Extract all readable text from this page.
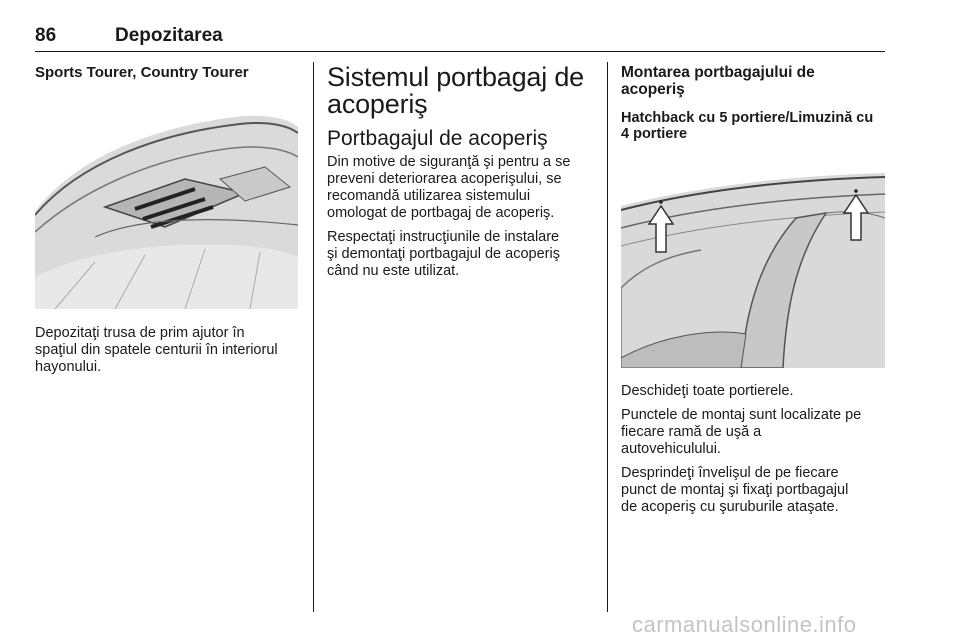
86	Depozitarea
Sports Tourer, Country Tourer

Depozitaţi trusa de prim ajutor în
spaţiul din spatele centurii în interiorul
hayonului.

Sistemul portbagaj de
acoperiş
Portbagajul de acoperiş

Din motive de siguranţă şi pentru a se
preveni deteriorarea acoperişului, se
recomandă utilizarea sistemului
omologat de portbagaj de acoperiş.

Respectaţi instrucţiunile de instalare
şi demontaţi portbagajul de acoperiş
când nu este utilizat.

Montarea portbagajului de
acoperiş
Hatchback cu 5 portiere/Limuzină cu
4 portiere

Deschideţi toate portierele.

Punctele de montaj sunt localizate pe
fiecare ramă de uşă a
autovehiculului.

Desprindeţi învelişul de pe fiecare
punct de montaj şi fixaţi portbagajul
de acoperiş cu şuruburile ataşate.

carmanualsonline.info
